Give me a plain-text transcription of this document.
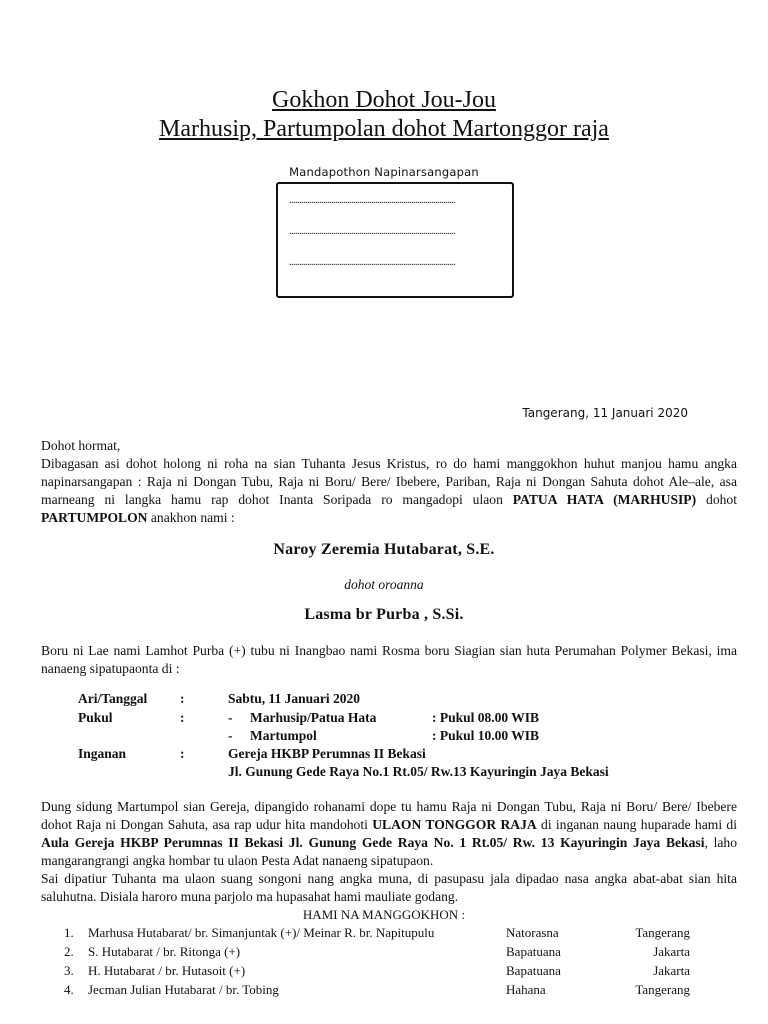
Gokhon Dohot Jou-Jou
Marhusip, Partumpolan dohot Martonggor raja
Mandapothon Napinarsangapan
...................................................................................
...................................................................................
...................................................................................
Tangerang, 11 Januari 2020
Dohot hormat,
Dibagasan asi dohot holong ni roha na sian Tuhanta Jesus Kristus, ro do hami manggokhon huhut manjou hamu angka napinarsangapan : Raja ni Dongan Tubu, Raja ni Boru/ Bere/ Ibebere, Pariban, Raja ni Dongan Sahuta dohot Ale–ale, asa marneang ni langka hamu rap dohot Inanta Soripada ro mangadopi ulaon PATUA HATA (MARHUSIP) dohot PARTUMPOLON anakhon nami :
Naroy Zeremia Hutabarat, S.E.
dohot oroanna
Lasma br Purba , S.Si.
Boru ni Lae nami Lamhot Purba (+) tubu ni Inangbao nami Rosma boru Siagian sian huta Perumahan Polymer Bekasi, ima nanaeng sipatupaonta di :
Ari/Tanggal :	Sabtu, 11 Januari 2020
Pukul	:	- Marhusip/Patua Hata	: Pukul 08.00 WIB
- Martumpol	: Pukul 10.00 WIB
Inganan	:	Gereja HKBP Perumnas II Bekasi
Jl. Gunung Gede Raya No.1 Rt.05/ Rw.13 Kayuringin Jaya Bekasi
Dung sidung Martumpol sian Gereja, dipangido rohanami dope tu hamu Raja ni Dongan Tubu, Raja ni Boru/ Bere/ Ibebere dohot Raja ni Dongan Sahuta, asa rap udur hita mandohoti ULAON TONGGOR RAJA di inganan naung huparade hami di Aula Gereja HKBP Perumnas II Bekasi Jl. Gunung Gede Raya No. 1 Rt.05/ Rw. 13 Kayuringin Jaya Bekasi, laho mangarangrangi angka hombar tu ulaon Pesta Adat nanaeng sipatupaon.
Sai dipatiur Tuhanta ma ulaon suang songoni nang angka muna, di pasupasu jala dipadao nasa angka abat-abat sian hita saluhutna. Disiala haroro muna parjolo ma hupasahat hami mauliate godang.
HAMI NA MANGGOKHON :
1. Marhusa Hutabarat/ br. Simanjuntak (+)/ Meinar R. br. Napitupulu	Natorasna	Tangerang
2. S. Hutabarat / br. Ritonga (+)	Bapatuana	Jakarta
3. H. Hutabarat / br. Hutasoit (+)	Bapatuana	Jakarta
4. Jecman Julian Hutabarat / br. Tobing	Hahana	Tangerang
